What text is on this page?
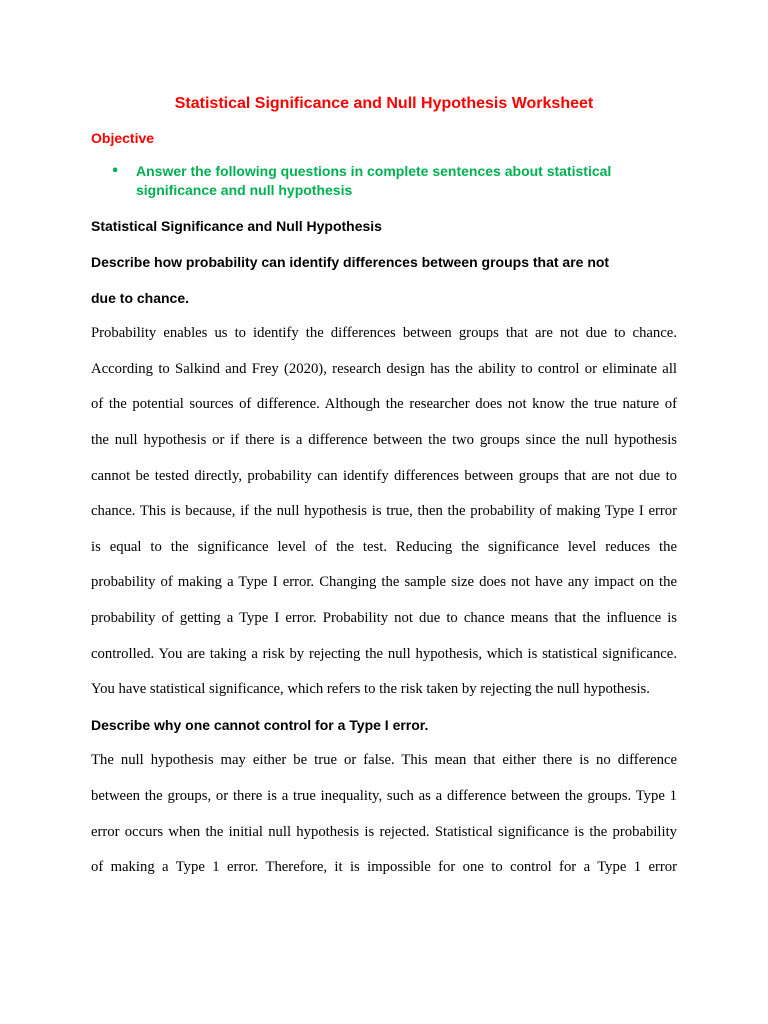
Statistical Significance and Null Hypothesis Worksheet
Objective
• Answer the following questions in complete sentences about statistical significance and null hypothesis
Statistical Significance and Null Hypothesis

Describe how probability can identify differences between groups that are not
due to chance.

Probability enables us to identify the differences between groups that are not due to chance.
According to Salkind and Frey (2020), research design has the ability to control or eliminate all
of the potential sources of difference. Although the researcher does not know the true nature of
the null hypothesis or if there is a difference between the two groups since the null hypothesis
cannot be tested directly, probability can identify differences between groups that are not due to
chance. This is because, if the null hypothesis is true, then the probability of making Type I error
is equal to the significance level of the test. Reducing the significance level reduces the
probability of making a Type I error. Changing the sample size does not have any impact on the
probability of getting a Type I error. Probability not due to chance means that the influence is
controlled. You are taking a risk by rejecting the null hypothesis, which is statistical significance.
You have statistical significance, which refers to the risk taken by rejecting the null hypothesis.

Describe why one cannot control for a Type I error.

The null hypothesis may either be true or false. This mean that either there is no difference
between the groups, or there is a true inequality, such as a difference between the groups. Type 1
error occurs when the initial null hypothesis is rejected. Statistical significance is the probability
of making a Type 1 error. Therefore, it is impossible for one to control for a Type 1 error
